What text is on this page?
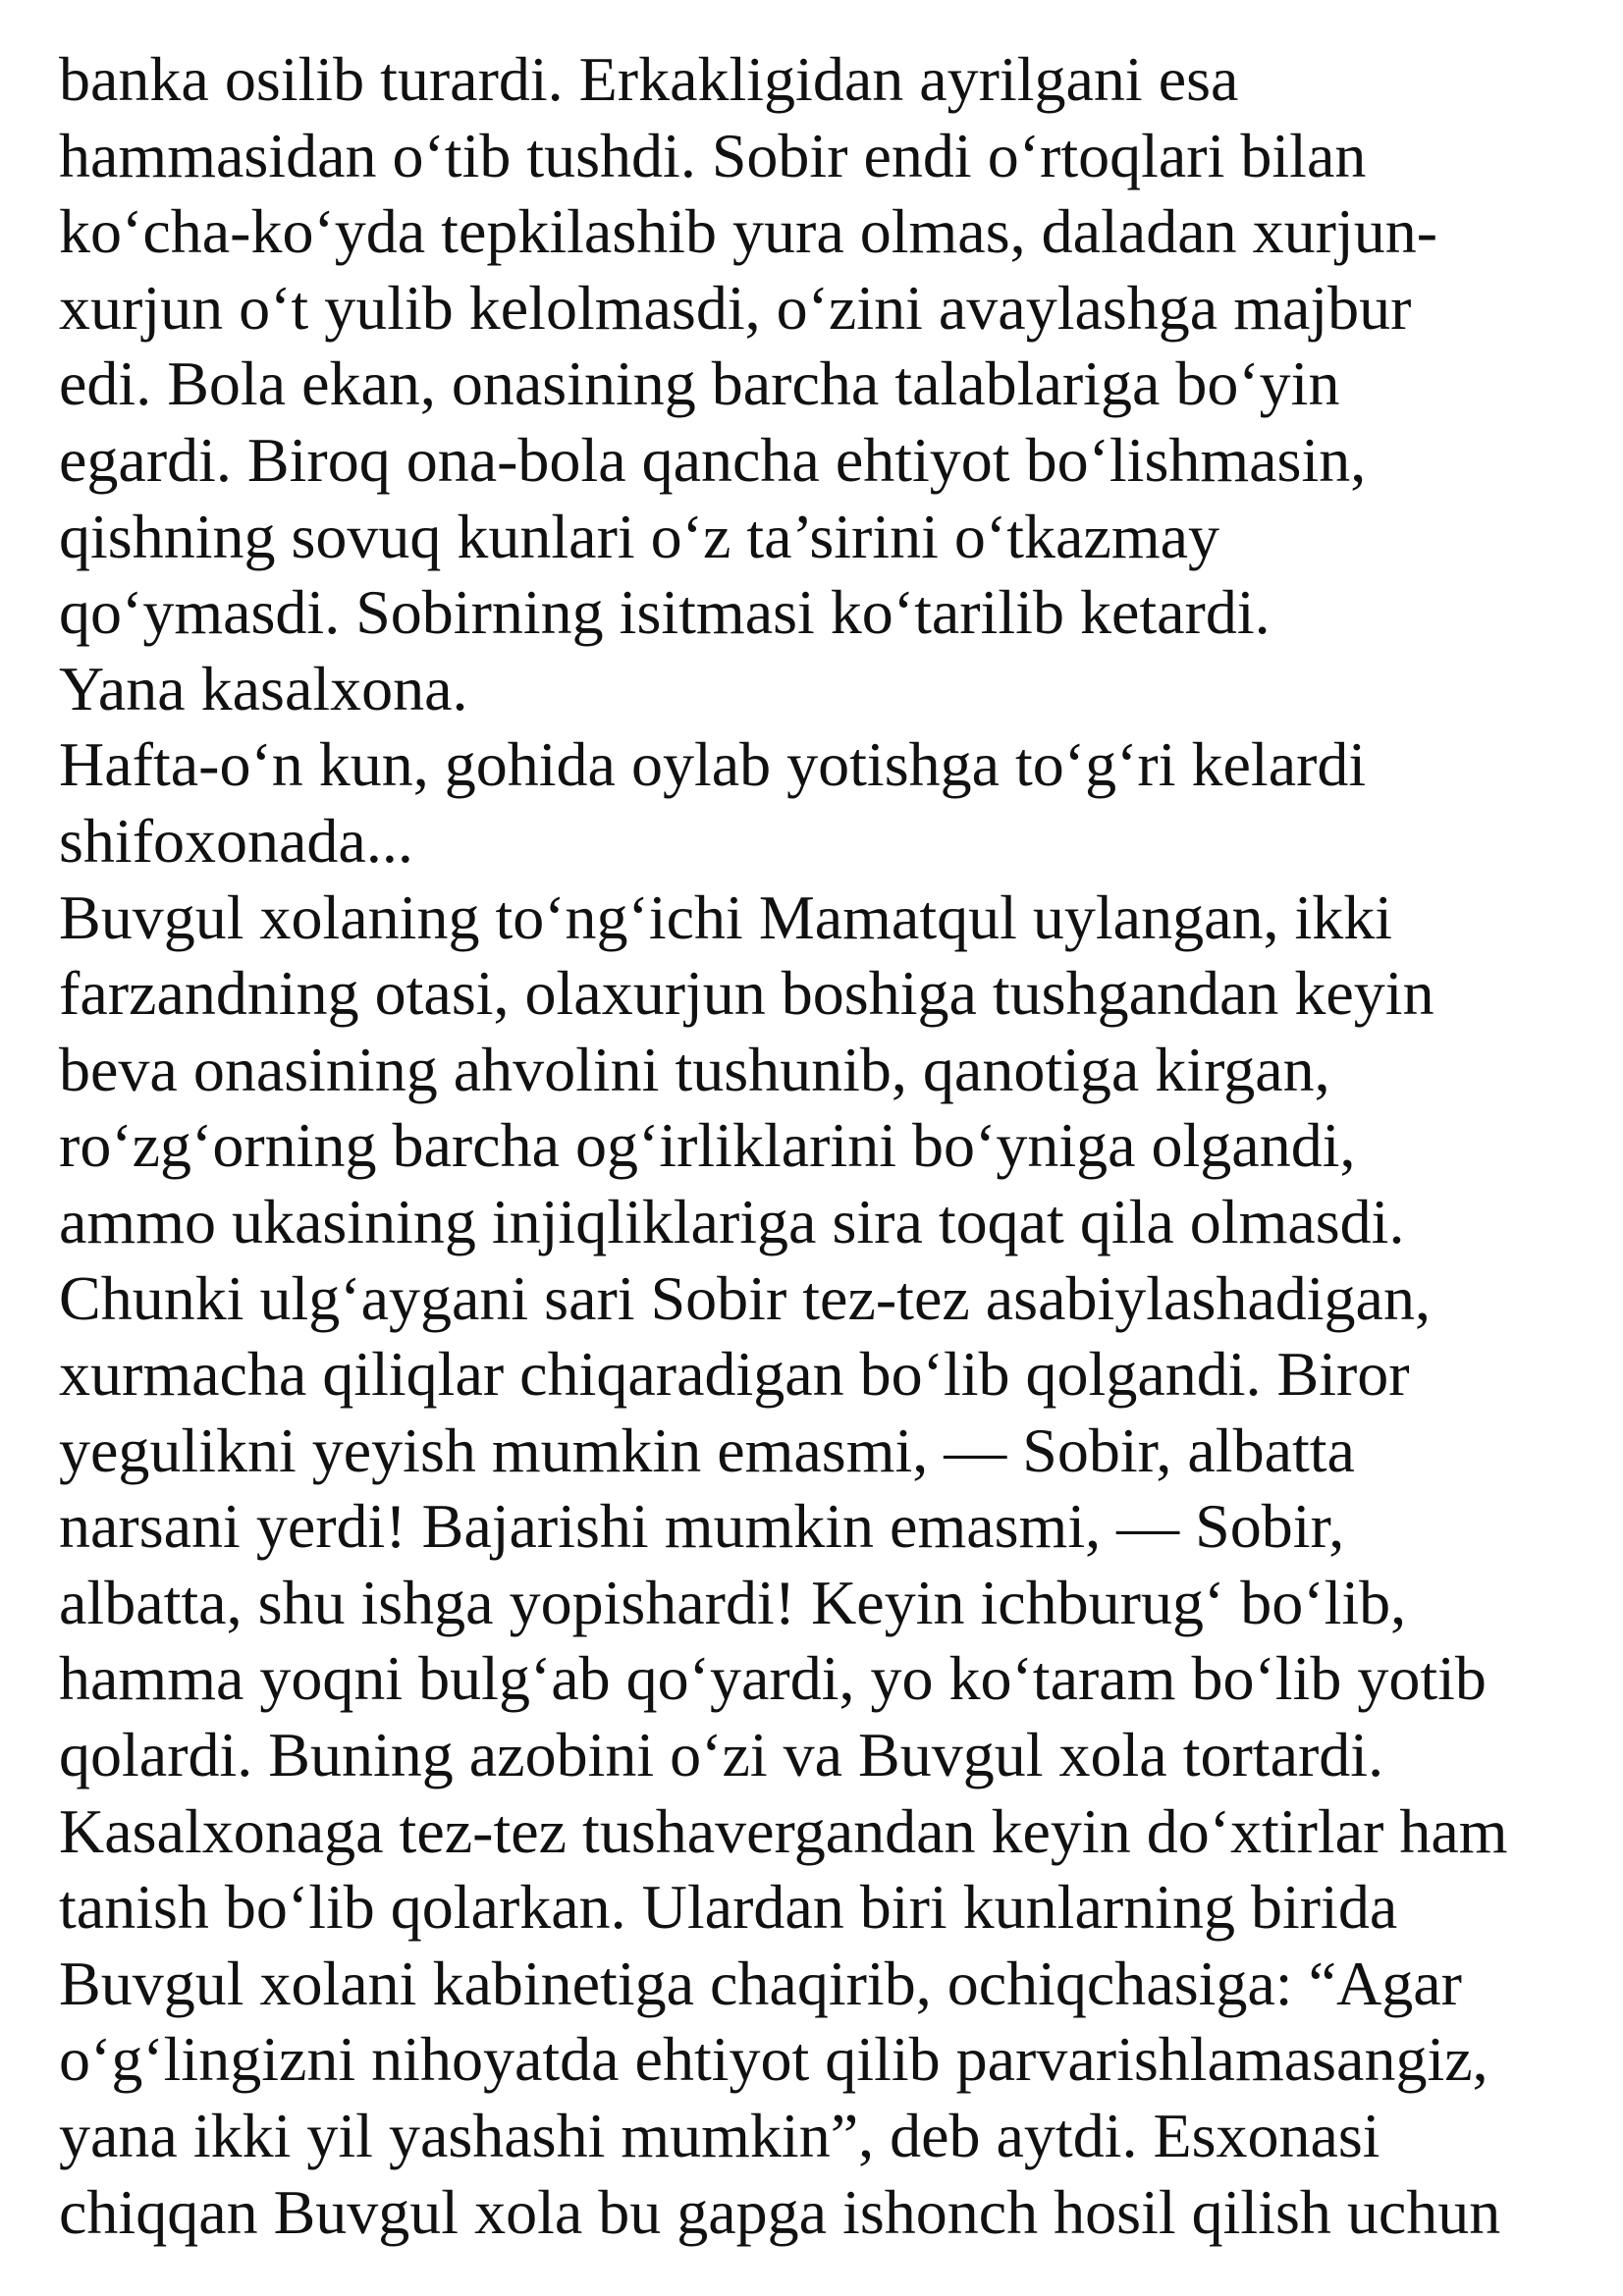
banka osilib turardi. Erkakligidan ayrilgani esa
hammasidan o‘tib tushdi. Sobir endi o‘rtoqlari bilan
ko‘cha-ko‘yda tepkilashib yura olmas, daladan xurjun-
xurjun o‘t yulib kelolmasdi, o‘zini avaylashga majbur
edi. Bola ekan, onasining barcha talablariga bo‘yin
egardi. Biroq ona-bola qancha ehtiyot bo‘lishmasin,
qishning sovuq kunlari o‘z ta’sirini o‘tkazmay
qo‘ymasdi. Sobirning isitmasi ko‘tarilib ketardi.
Yana kasalxona.
Hafta-o‘n kun, gohida oylab yotishga to‘g‘ri kelardi
shifoxonada...
Buvgul xolaning to‘ng‘ichi Mamatqul uylangan, ikki
farzandning otasi, olaxurjun boshiga tushgandan keyin
beva onasining ahvolini tushunib, qanotiga kirgan,
ro‘zg‘orning barcha og‘irliklarini bo‘yniga olgandi,
ammo ukasining injiqliklariga sira toqat qila olmasdi.
Chunki ulg‘aygani sari Sobir tez-tez asabiylashadigan,
xurmacha qiliqlar chiqaradigan bo‘lib qolgandi. Biror
yegulikni yeyish mumkin emasmi, — Sobir, albatta
narsani yerdi! Bajarishi mumkin emasmi, — Sobir,
albatta, shu ishga yopishardi! Keyin ichburug‘ bo‘lib,
hamma yoqni bulg‘ab qo‘yardi, yo ko‘taram bo‘lib yotib
qolardi. Buning azobini o‘zi va Buvgul xola tortardi.
Kasalxonaga tez-tez tushavergandan keyin do‘xtirlar ham
tanish bo‘lib qolarkan. Ulardan biri kunlarning birida
Buvgul xolani kabinetiga chaqirib, ochiqchasiga: “Agar
o‘g‘lingizni nihoyatda ehtiyot qilib parvarishlamasangiz,
yana ikki yil yashashi mumkin”, deb aytdi. Esxonasi
chiqqan Buvgul xola bu gapga ishonch hosil qilish uchun
